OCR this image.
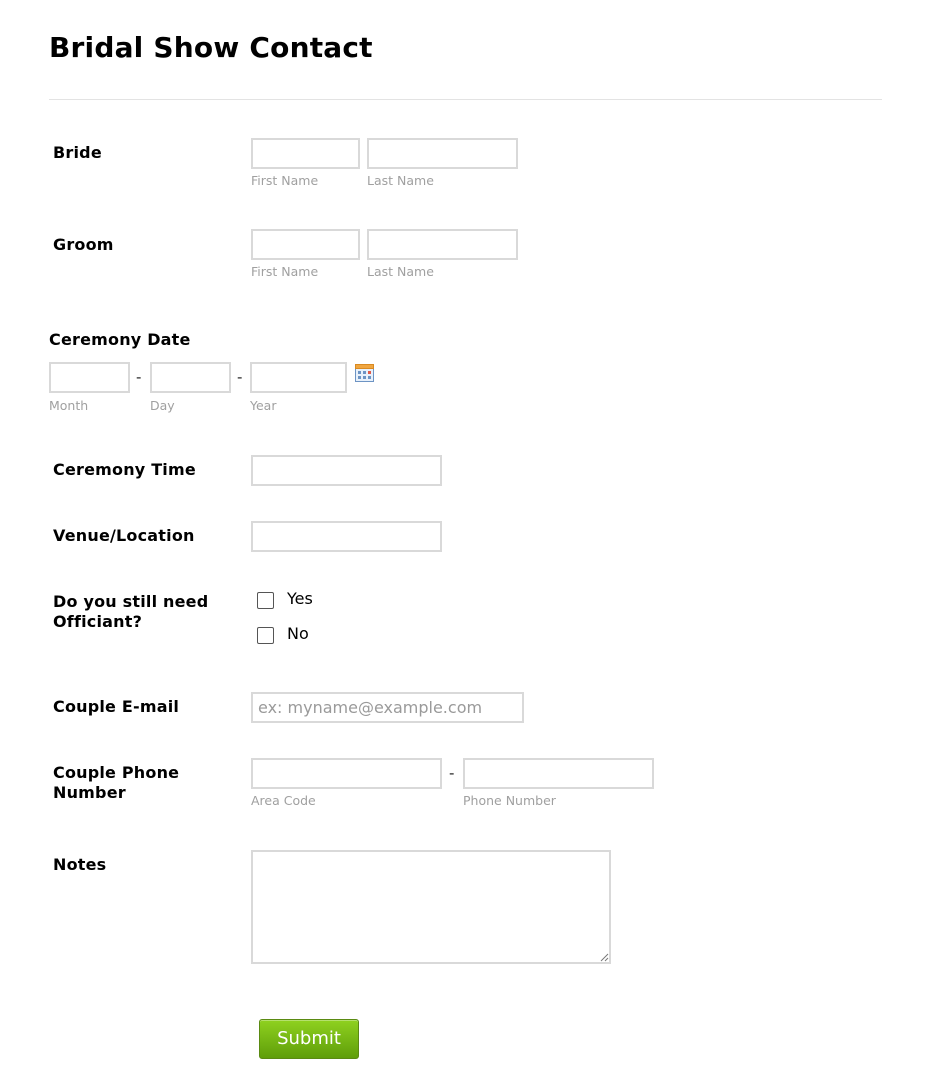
Bridal Show Contact
Bride
First Name	Last Name
Groom
First Name	Last Name
Ceremony Date
-	-
Month	Day	Year
Ceremony Time
Venue/Location
Do you still need Officiant?
Yes
No
Couple E-mail
ex: myname@example.com
Couple Phone Number
-
Area Code	Phone Number
Notes
Submit
